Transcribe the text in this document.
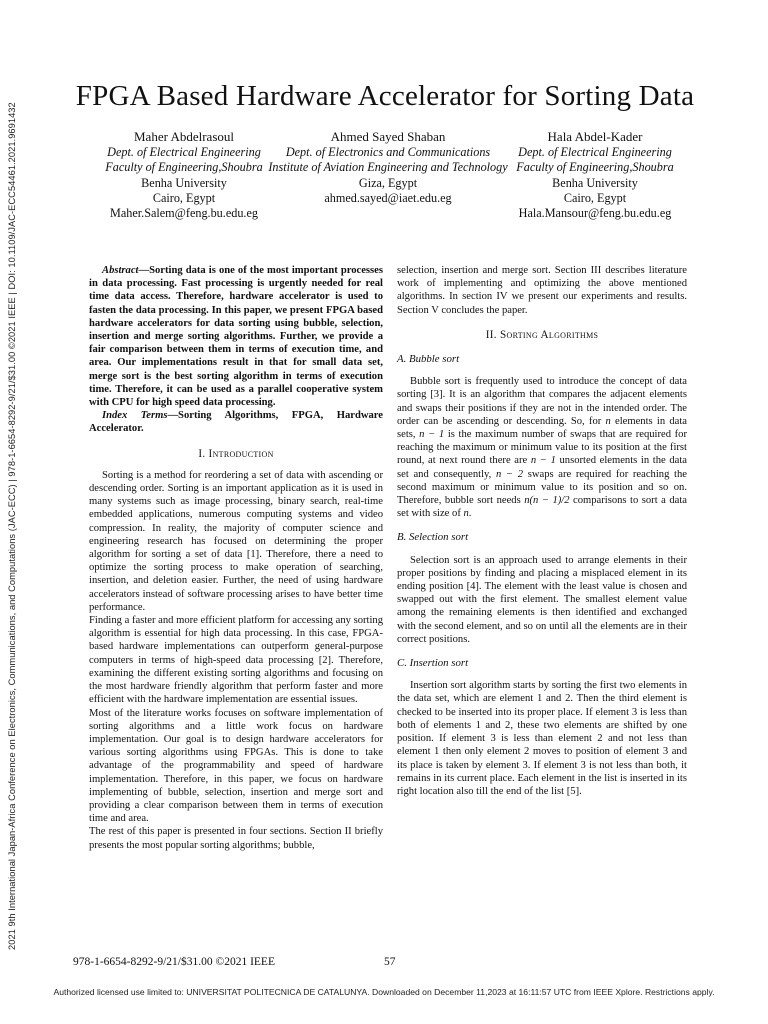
2021 9th International Japan-Africa Conference on Electronics, Communications, and Computations (JAC-ECC) | 978-1-6654-8292-9/21/$31.00 ©2021 IEEE | DOI: 10.1109/JAC-ECC54461.2021.9691432
FPGA Based Hardware Accelerator for Sorting Data
Maher Abdelrasoul
Dept. of Electrical Engineering
Faculty of Engineering,Shoubra
Benha University
Cairo, Egypt
Maher.Salem@feng.bu.edu.eg
Ahmed Sayed Shaban
Dept. of Electronics and Communications
Institute of Aviation Engineering and Technology
Giza, Egypt
ahmed.sayed@iaet.edu.eg
Hala Abdel-Kader
Dept. of Electrical Engineering
Faculty of Engineering,Shoubra
Benha University
Cairo, Egypt
Hala.Mansour@feng.bu.edu.eg

Abstract—Sorting data is one of the most important processes in data processing. Fast processing is urgently needed for real time data access. Therefore, hardware accelerator is used to fasten the data processing. In this paper, we present FPGA based hardware accelerators for data sorting using bubble, selection, insertion and merge sorting algorithms. Further, we provide a fair comparison between them in terms of execution time, and area. Our implementations result in that for small data set, merge sort is the best sorting algorithm in terms of execution time. Therefore, it can be used as a parallel cooperative system with CPU for high speed data processing.

Index Terms—Sorting Algorithms, FPGA, Hardware Accelerator.

I. Introduction

Sorting is a method for reordering a set of data with ascending or descending order. Sorting is an important application as it is used in many systems such as image processing, binary search, real-time embedded applications, numerous computing systems and video compression. In reality, the majority of computer science and engineering research has focused on determining the proper algorithm for sorting a set of data [1]. Therefore, there a need to optimize the sorting process to make operation of searching, insertion, and deletion easier. Further, the need of using hardware accelerators instead of software processing arises to have better time performance.

Finding a faster and more efficient platform for accessing any sorting algorithm is essential for high data processing. In this case, FPGA-based hardware implementations can outperform general-purpose computers in terms of high-speed data processing [2]. Therefore, examining the different existing sorting algorithms and focusing on the most hardware friendly algorithm that perform faster and more efficient with the hardware implementation are essential issues.

Most of the literature works focuses on software implementation of sorting algorithms and a little work focus on hardware implementation. Our goal is to design hardware accelerators for various sorting algorithms using FPGAs. This is done to take advantage of the programmability and speed of hardware implementation. Therefore, in this paper, we focus on hardware implementing of bubble, selection, insertion and merge sort and providing a clear comparison between them in terms of execution time and area.

The rest of this paper is presented in four sections. Section II briefly presents the most popular sorting algorithms; bubble,

selection, insertion and merge sort. Section III describes literature work of implementing and optimizing the above mentioned algorithms. In section IV we present our experiments and results. Section V concludes the paper.

II. Sorting Algorithms
A. Bubble sort

Bubble sort is frequently used to introduce the concept of data sorting [3]. It is an algorithm that compares the adjacent elements and swaps their positions if they are not in the intended order. The order can be ascending or descending. So, for n elements in data sets, n − 1 is the maximum number of swaps that are required for reaching the maximum or minimum value to its position at the first round, at next round there are n − 1 unsorted elements in the data set and consequently, n − 2 swaps are required for reaching the second maximum or minimum value to its position and so on. Therefore, bubble sort needs n(n − 1)/2 comparisons to sort a data set with size of n.

B. Selection sort

Selection sort is an approach used to arrange elements in their proper positions by finding and placing a misplaced element in its ending position [4]. The element with the least value is chosen and swapped out with the first element. The smallest element value among the remaining elements is then identified and exchanged with the second element, and so on until all the elements are in their correct positions.

C. Insertion sort

Insertion sort algorithm starts by sorting the first two elements in the data set, which are element 1 and 2. Then the third element is checked to be inserted into its proper place. If element 3 is less than both of elements 1 and 2, these two elements are shifted by one position. If element 3 is less than element 2 and not less than element 1 then only element 2 moves to position of element 3 and its place is taken by element 3. If element 3 is not less than both, it remains in its current place. Each element in the list is inserted in its right location also till the end of the list [5].

978-1-6654-8292-9/21/$31.00 ©2021 IEEE	57
Authorized licensed use limited to: UNIVERSITAT POLITECNICA DE CATALUNYA. Downloaded on December 11,2023 at 16:11:57 UTC from IEEE Xplore. Restrictions apply.
